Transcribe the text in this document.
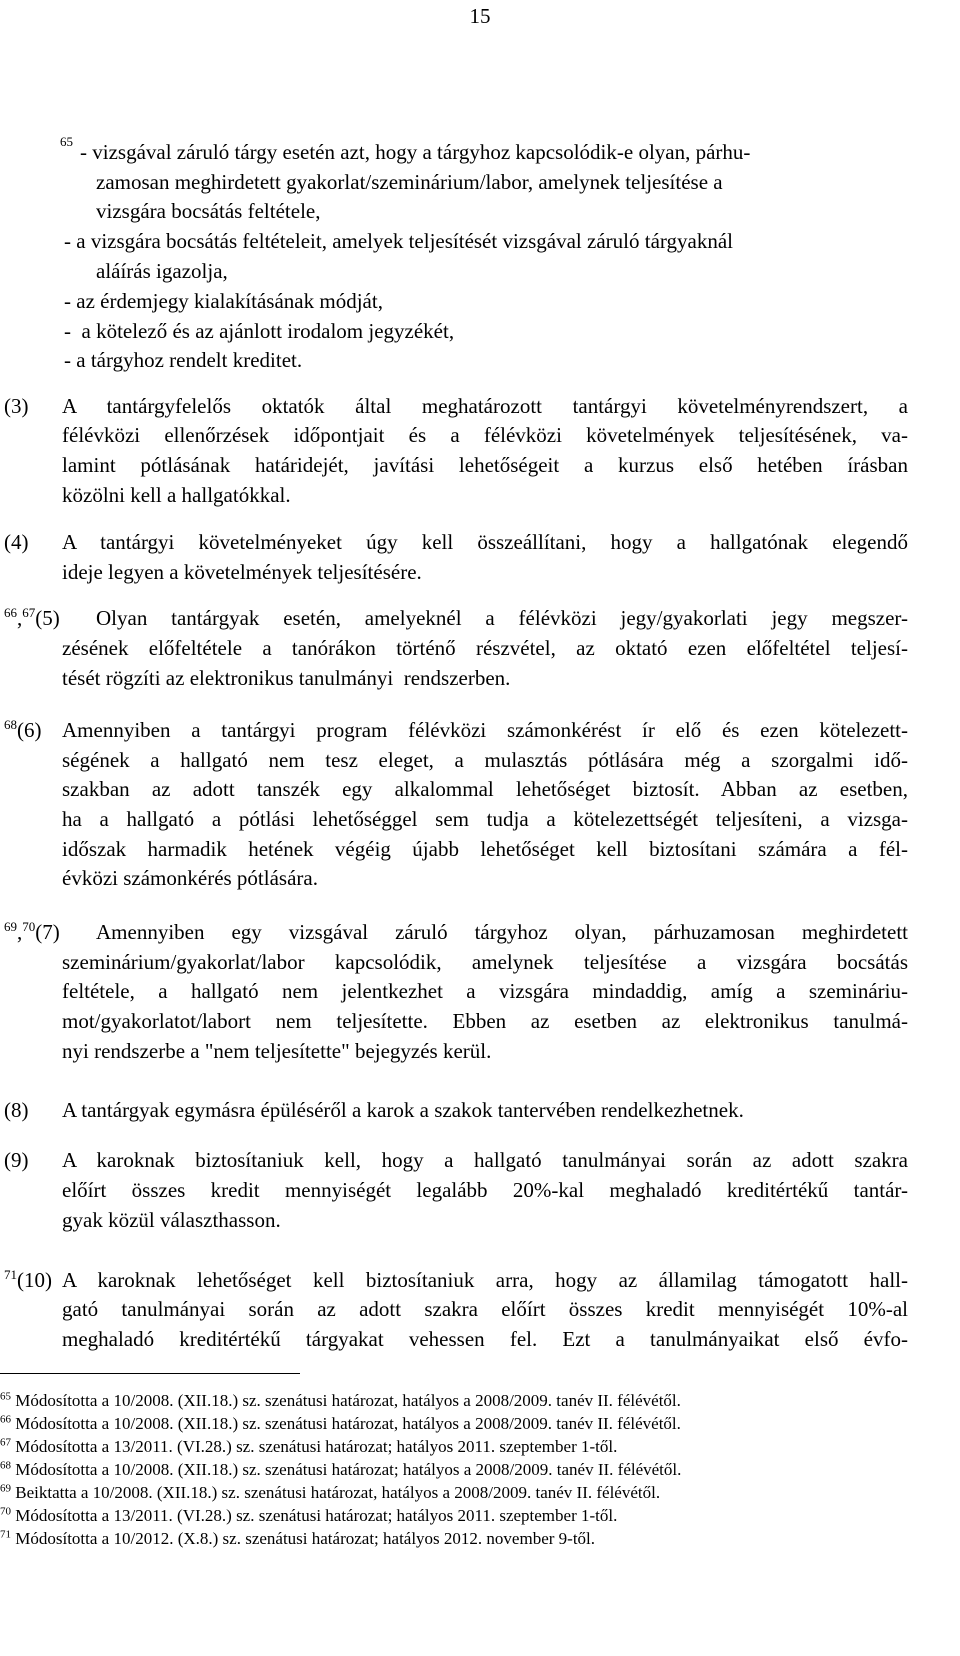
15
$^{65}$ - vizsgával záruló tárgy esetén azt, hogy a tárgyhoz kapcsolódik-e olyan, párhu-
zamosan meghirdetett gyakorlat/szeminárium/labor, amelynek teljesítése a
vizsgára bocsátás feltétele,
- a vizsgára bocsátás feltételeit, amelyek teljesítését vizsgával záruló tárgyaknál
aláírás igazolja,
- az érdemjegy kialakításának módját,
-  a kötelező és az ajánlott irodalom jegyzékét,
- a tárgyhoz rendelt kreditet.
(3) A tantárgyfelelős oktatók által meghatározott tantárgyi követelményrendszert, a
félévközi ellenőrzések időpontjait és a félévközi követelmények teljesítésének, va-
lamint pótlásának határidejét, javítási lehetőségeit a kurzus első hetében írásban
közölni kell a hallgatókkal.
(4) A tantárgyi követelményeket úgy kell összeállítani, hogy a hallgatónak elegendő
ideje legyen a követelmények teljesítésére.
$^{66}$,$^{67}$(5) Olyan tantárgyak esetén, amelyeknél a félévközi jegy/gyakorlati jegy megszer-
zésének előfeltétele a tanórákon történő részvétel, az oktató ezen előfeltétel teljesí-
tését rögzíti az elektronikus tanulmányi  rendszerben.
$^{68}$(6) Amennyiben a tantárgyi program félévközi számonkérést ír elő és ezen kötelezett-
ségének a hallgató nem tesz eleget, a mulasztás pótlására még a szorgalmi idő-
szakban az adott tanszék egy alkalommal lehetőséget biztosít. Abban az esetben,
ha a hallgató a pótlási lehetőséggel sem tudja a kötelezettségét teljesíteni, a vizsga-
időszak harmadik hetének végéig újabb lehetőséget kell biztosítani számára a fél-
évközi számonkérés pótlására.
$^{69}$,$^{70}$(7) Amennyiben egy vizsgával záruló tárgyhoz olyan, párhuzamosan meghirdetett
szeminárium/gyakorlat/labor kapcsolódik, amelynek teljesítése a vizsgára bocsátás
feltétele, a hallgató nem jelentkezhet a vizsgára mindaddig, amíg a szemináriu-
mot/gyakorlatot/labort nem teljesítette. Ebben az esetben az elektronikus tanulmá-
nyi rendszerbe a "nem teljesítette" bejegyzés kerül.
(8) A tantárgyak egymásra épüléséről a karok a szakok tantervében rendelkezhetnek.
(9) A karoknak biztosítaniuk kell, hogy a hallgató tanulmányai során az adott szakra
előírt összes kredit mennyiségét legalább 20%-kal meghaladó kreditértékű tantár-
gyak közül választhasson.
$^{71}$(10) A karoknak lehetőséget kell biztosítaniuk arra, hogy az államilag támogatott hall-
gató tanulmányai során az adott szakra előírt összes kredit mennyiségét 10%-al
meghaladó kreditértékű tárgyakat vehessen fel. Ezt a tanulmányaikat első évfo-
$^{65}$ Módosította a 10/2008. (XII.18.) sz. szenátusi határozat, hatályos a 2008/2009. tanév II. félévétől.
$^{66}$ Módosította a 10/2008. (XII.18.) sz. szenátusi határozat, hatályos a 2008/2009. tanév II. félévétől.
$^{67}$ Módosította a 13/2011. (VI.28.) sz. szenátusi határozat; hatályos 2011. szeptember 1-től.
$^{68}$ Módosította a 10/2008. (XII.18.) sz. szenátusi határozat; hatályos a 2008/2009. tanév II. félévétől.
$^{69}$ Beiktatta a 10/2008. (XII.18.) sz. szenátusi határozat, hatályos a 2008/2009. tanév II. félévétől.
$^{70}$ Módosította a 13/2011. (VI.28.) sz. szenátusi határozat; hatályos 2011. szeptember 1-től.
$^{71}$ Módosította a 10/2012. (X.8.) sz. szenátusi határozat; hatályos 2012. november 9-től.
